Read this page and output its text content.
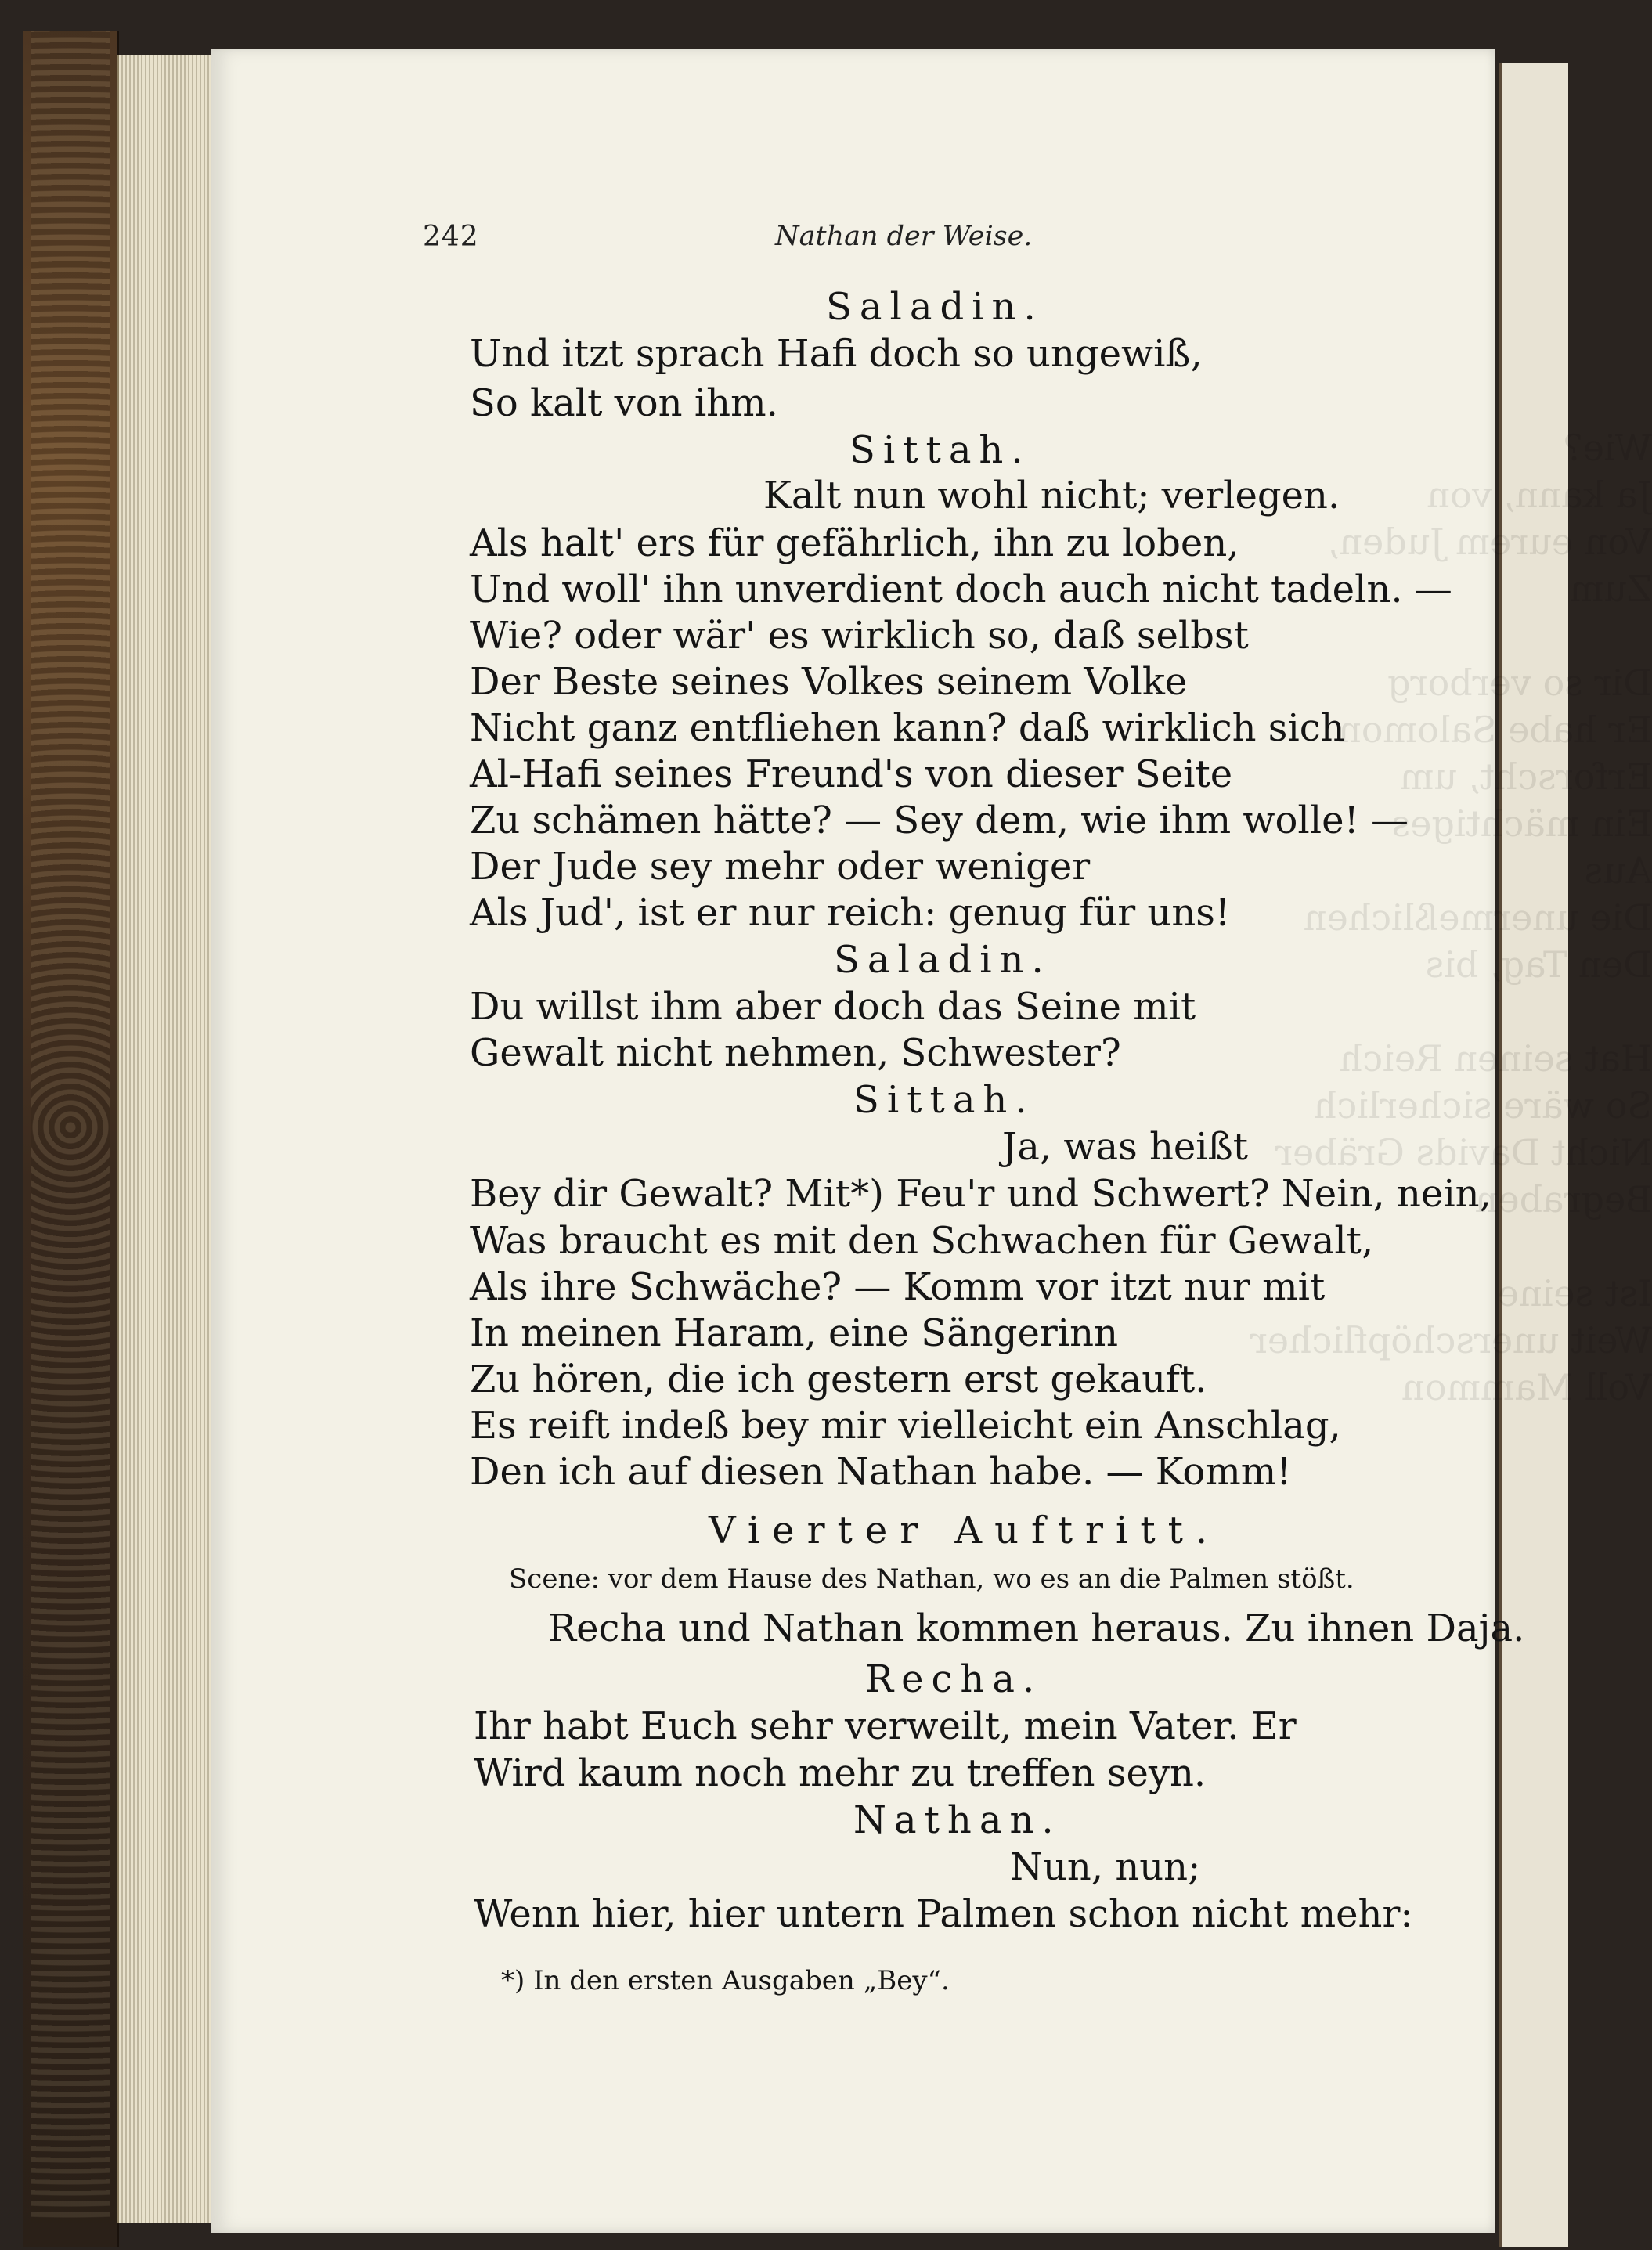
Wie?
Ja kann, von
Von eurem Juden,
Zum

Dir so verborg
Er habe Salomon
Erforscht, um
Ein mächtiges
Aus
Die unermeßlichen
Den Tag, bis

Hat seinen Reich
So wäre sicherlich
Nicht Davids Gräber
Begraben

Ist seine
Weit unerschöpflicher
Voll Mammon

242	Nathan der Weise.
Saladin.
Und itzt sprach Hafi doch so ungewiß,
So kalt von ihm.
Sittah.
Kalt nun wohl nicht; verlegen.
Als halt' ers für gefährlich, ihn zu loben,
Und woll' ihn unverdient doch auch nicht tadeln. —
Wie? oder wär' es wirklich so, daß selbst
Der Beste seines Volkes seinem Volke
Nicht ganz entfliehen kann? daß wirklich sich
Al-Hafi seines Freund's von dieser Seite
Zu schämen hätte? — Sey dem, wie ihm wolle! —
Der Jude sey mehr oder weniger
Als Jud', ist er nur reich: genug für uns!
Saladin.
Du willst ihm aber doch das Seine mit
Gewalt nicht nehmen, Schwester?
Sittah.
Ja, was heißt
Bey dir Gewalt? Mit*) Feu'r und Schwert? Nein, nein,
Was braucht es mit den Schwachen für Gewalt,
Als ihre Schwäche? — Komm vor itzt nur mit
In meinen Haram, eine Sängerinn
Zu hören, die ich gestern erst gekauft.
Es reift indeß bey mir vielleicht ein Anschlag,
Den ich auf diesen Nathan habe. — Komm!
Vierter Auftritt.
Scene: vor dem Hause des Nathan, wo es an die Palmen stößt.
Recha und Nathan kommen heraus. Zu ihnen Daja.
Recha.
Ihr habt Euch sehr verweilt, mein Vater. Er
Wird kaum noch mehr zu treffen seyn.
Nathan.
Nun, nun;
Wenn hier, hier untern Palmen schon nicht mehr:
*) In den ersten Ausgaben „Bey“.
